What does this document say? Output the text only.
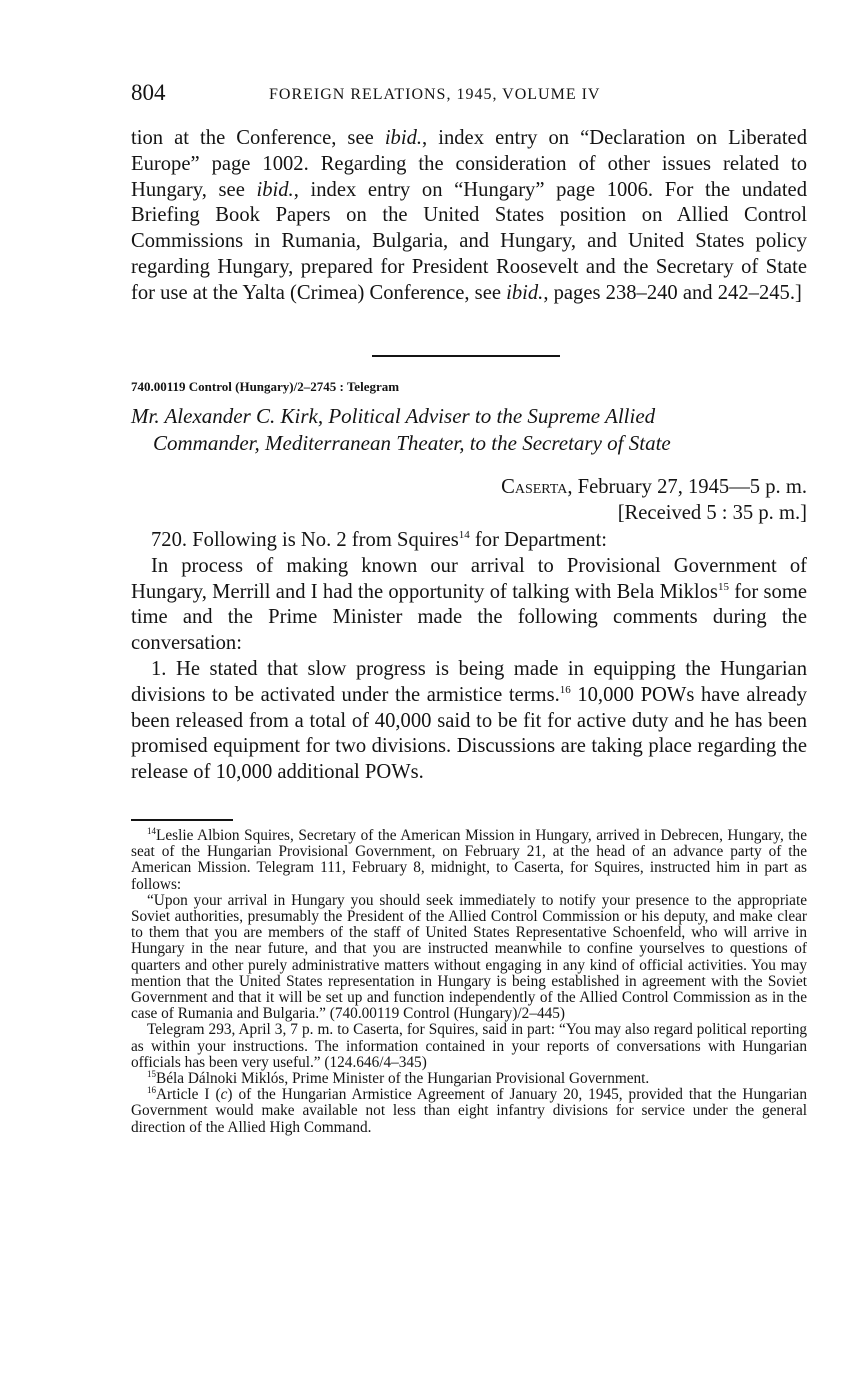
804	FOREIGN RELATIONS, 1945, VOLUME IV

tion at the Conference, see ibid., index entry on “Declaration on Liberated Europe” page 1002. Regarding the consideration of other issues related to Hungary, see ibid., index entry on “Hungary” page 1006. For the undated Briefing Book Papers on the United States position on Allied Control Commissions in Rumania, Bulgaria, and Hungary, and United States policy regarding Hungary, prepared for President Roosevelt and the Secretary of State for use at the Yalta (Crimea) Conference, see ibid., pages 238–240 and 242–245.]

740.00119 Control (Hungary)/2–2745 : Telegram
Mr. Alexander C. Kirk, Political Adviser to the Supreme Allied
Commander, Mediterranean Theater, to the Secretary of State
Caserta, February 27, 1945—5 p. m.
[Received 5 : 35 p. m.]

720. Following is No. 2 from Squires$^{14}$ for Department:

In process of making known our arrival to Provisional Government of Hungary, Merrill and I had the opportunity of talking with Bela Miklos$^{15}$ for some time and the Prime Minister made the following comments during the conversation:

1. He stated that slow progress is being made in equipping the Hungarian divisions to be activated under the armistice terms.$^{16}$ 10,000 POWs have already been released from a total of 40,000 said to be fit for active duty and he has been promised equipment for two divisions. Discussions are taking place regarding the release of 10,000 additional POWs.

$^{14}$Leslie Albion Squires, Secretary of the American Mission in Hungary, arrived in Debrecen, Hungary, the seat of the Hungarian Provisional Government, on February 21, at the head of an advance party of the American Mission. Telegram 111, February 8, midnight, to Caserta, for Squires, instructed him in part as follows:

“Upon your arrival in Hungary you should seek immediately to notify your presence to the appropriate Soviet authorities, presumably the President of the Allied Control Commission or his deputy, and make clear to them that you are members of the staff of United States Representative Schoenfeld, who will arrive in Hungary in the near future, and that you are instructed meanwhile to confine yourselves to questions of quarters and other purely administrative matters without engaging in any kind of official activities. You may mention that the United States representation in Hungary is being established in agreement with the Soviet Government and that it will be set up and function independently of the Allied Control Commission as in the case of Rumania and Bulgaria.” (740.00119 Control (Hungary)/2–445)

Telegram 293, April 3, 7 p. m. to Caserta, for Squires, said in part: “You may also regard political reporting as within your instructions. The information contained in your reports of conversations with Hungarian officials has been very useful.” (124.646/4–345)

$^{15}$Béla Dálnoki Miklós, Prime Minister of the Hungarian Provisional Government.

$^{16}$Article I (c) of the Hungarian Armistice Agreement of January 20, 1945, provided that the Hungarian Government would make available not less than eight infantry divisions for service under the general direction of the Allied High Command.
